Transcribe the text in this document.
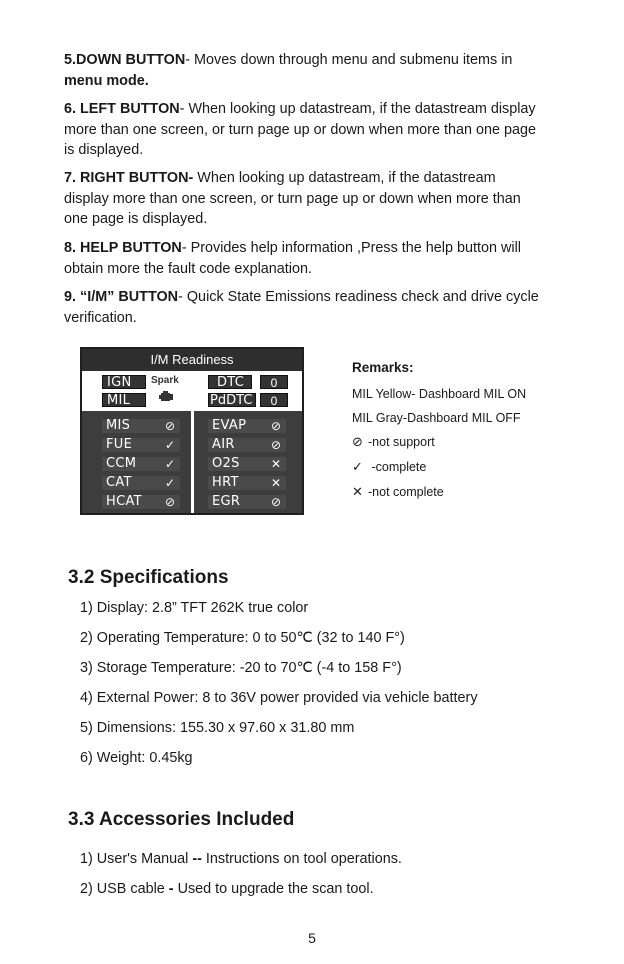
5.DOWN BUTTON- Moves down through menu and submenu items in
menu mode.
6. LEFT BUTTON- When looking up datastream, if the datastream display
more than one screen, or turn page up or down when more than one page
is displayed.
7. RIGHT BUTTON- When looking up datastream, if the datastream
display more than one screen, or turn page up or down when more than
one page is displayed.
8. HELP BUTTON- Provides help information ,Press the help button will
obtain more the fault code explanation.
9. “I/M” BUTTON- Quick State Emissions readiness check and drive cycle
verification.
I/M Readiness
IGN Spark
MIL
DTC	0
PdDTC	0
MIS	⊘
FUE	✓
CCM ✓
CAT	✓
HCAT ⊘
EVAP ⊘
AIR	⊘
O2S	✕
HRT	✕
EGR	⊘
Remarks:
MIL Yellow- Dashboard MIL ON
MIL Gray-Dashboard MIL OFF
⊘ -not support
✓ -complete
✕ -not complete
3.2 Specifications
1) Display: 2.8” TFT 262K true color
2) Operating Temperature: 0 to 50℃ (32 to 140 F°)
3) Storage Temperature: -20 to 70℃ (-4 to 158 F°)
4) External Power: 8 to 36V power provided via vehicle battery
5) Dimensions: 155.30 x 97.60 x 31.80 mm
6) Weight: 0.45kg
3.3 Accessories Included
1) User's Manual -- Instructions on tool operations.
2) USB cable - Used to upgrade the scan tool.
5
